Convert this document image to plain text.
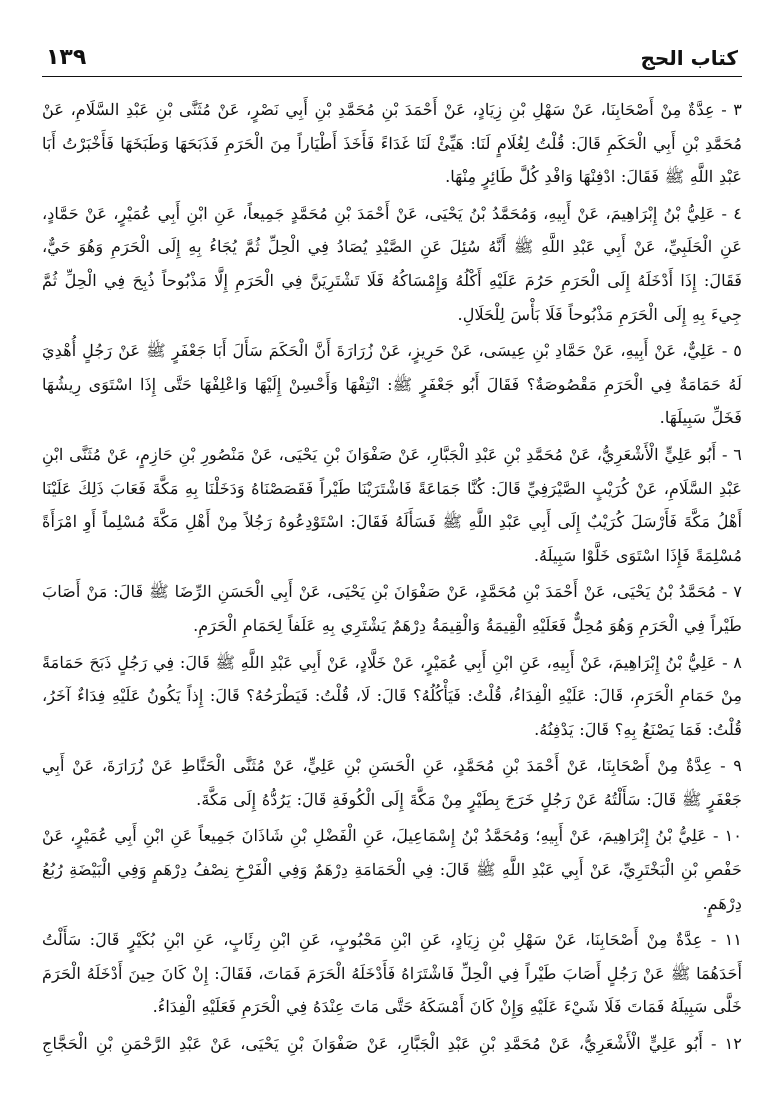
كتاب الحج
١٣٩

٣ - عِدَّةٌ مِنْ أَصْحَابِنَا، عَنْ سَهْلِ بْنِ زِيَادٍ، عَنْ أَحْمَدَ بْنِ مُحَمَّدِ بْنِ أَبِي نَصْرٍ، عَنْ مُثَنَّى بْنِ عَبْدِ السَّلَامِ، عَنْ مُحَمَّدِ بْنِ أَبِي الْحَكَمِ قَالَ: قُلْتُ لِغُلَامٍ لَنَا: هَيِّئْ لَنَا غَدَاءً فَأَخَذَ أَطْيَاراً مِنَ الْحَرَمِ فَذَبَحَهَا وَطَبَخَهَا فَأَخْبَرْتُ أَبَا عَبْدِ اللَّهِ ﷺ فَقَالَ: ادْفِنْهَا وَافْدِ كُلَّ طَائِرٍ مِنْهَا.

٤ - عَلِيُّ بْنُ إِبْرَاهِيمَ، عَنْ أَبِيهِ، وَمُحَمَّدُ بْنُ يَحْيَى، عَنْ أَحْمَدَ بْنِ مُحَمَّدٍ جَمِيعاً، عَنِ ابْنِ أَبِي عُمَيْرٍ، عَنْ حَمَّادٍ، عَنِ الْحَلَبِيِّ، عَنْ أَبِي عَبْدِ اللَّهِ ﷺ أَنَّهُ سُئِلَ عَنِ الصَّيْدِ يُصَادُ فِي الْحِلِّ ثُمَّ يُجَاءُ بِهِ إِلَى الْحَرَمِ وَهُوَ حَيٌّ، فَقَالَ: إِذَا أَدْخَلَهُ إِلَى الْحَرَمِ حَرُمَ عَلَيْهِ أَكْلُهُ وَإِمْسَاكُهُ فَلَا تَشْتَرِيَنَّ فِي الْحَرَمِ إِلَّا مَذْبُوحاً ذُبِحَ فِي الْحِلِّ ثُمَّ جِيءَ بِهِ إِلَى الْحَرَمِ مَذْبُوحاً فَلَا بَأْسَ لِلْحَلَالِ.

٥ - عَلِيٌّ، عَنْ أَبِيهِ، عَنْ حَمَّادِ بْنِ عِيسَى، عَنْ حَرِيزٍ، عَنْ زُرَارَةَ أَنَّ الْحَكَمَ سَأَلَ أَبَا جَعْفَرٍ ﷺ عَنْ رَجُلٍ أُهْدِيَ لَهُ حَمَامَةٌ فِي الْحَرَمِ مَقْصُوصَةٌ؟ فَقَالَ أَبُو جَعْفَرٍ ﷺ: انْتِفْهَا وَأَحْسِنْ إِلَيْهَا وَاعْلِفْهَا حَتَّى إِذَا اسْتَوَى رِيشُهَا فَخَلِّ سَبِيلَهَا.

٦ - أَبُو عَلِيٍّ الْأَشْعَرِيُّ، عَنْ مُحَمَّدِ بْنِ عَبْدِ الْجَبَّارِ، عَنْ صَفْوَانَ بْنِ يَحْيَى، عَنْ مَنْصُورِ بْنِ حَازِمٍ، عَنْ مُثَنَّى ابْنِ عَبْدِ السَّلَامِ، عَنْ كُرَيْبٍ الصَّيْرَفِيِّ قَالَ: كُنَّا جَمَاعَةً فَاشْتَرَيْنَا طَيْراً فَقَصَصْنَاهُ وَدَخَلْنَا بِهِ مَكَّةَ فَعَابَ ذَلِكَ عَلَيْنَا أَهْلُ مَكَّةَ فَأَرْسَلَ كُرَيْبٌ إِلَى أَبِي عَبْدِ اللَّهِ ﷺ فَسَأَلَهُ فَقَالَ: اسْتَوْدِعُوهُ رَجُلاً مِنْ أَهْلِ مَكَّةَ مُسْلِماً أَوِ امْرَأَةً مُسْلِمَةً فَإِذَا اسْتَوَى خَلَّوْا سَبِيلَهُ.

٧ - مُحَمَّدُ بْنُ يَحْيَى، عَنْ أَحْمَدَ بْنِ مُحَمَّدٍ، عَنْ صَفْوَانَ بْنِ يَحْيَى، عَنْ أَبِي الْحَسَنِ الرِّضَا ﷺ قَالَ: مَنْ أَصَابَ طَيْراً فِي الْحَرَمِ وَهُوَ مُحِلٌّ فَعَلَيْهِ الْقِيمَةُ وَالْقِيمَةُ دِرْهَمٌ يَشْتَرِي بِهِ عَلَفاً لِحَمَامِ الْحَرَمِ.

٨ - عَلِيُّ بْنُ إِبْرَاهِيمَ، عَنْ أَبِيهِ، عَنِ ابْنِ أَبِي عُمَيْرٍ، عَنْ خَلَّادٍ، عَنْ أَبِي عَبْدِ اللَّهِ ﷺ قَالَ: فِي رَجُلٍ ذَبَحَ حَمَامَةً مِنْ حَمَامِ الْحَرَمِ، قَالَ: عَلَيْهِ الْفِدَاءُ، قُلْتُ: فَيَأْكُلُهُ؟ قَالَ: لَا، قُلْتُ: فَيَطْرَحُهُ؟ قَالَ: إِذاً يَكُونُ عَلَيْهِ فِدَاءٌ آخَرُ، قُلْتُ: فَمَا يَصْنَعُ بِهِ؟ قَالَ: يَدْفِنُهُ.

٩ - عِدَّةٌ مِنْ أَصْحَابِنَا، عَنْ أَحْمَدَ بْنِ مُحَمَّدٍ، عَنِ الْحَسَنِ بْنِ عَلِيٍّ، عَنْ مُثَنَّى الْحَنَّاطِ عَنْ زُرَارَةَ، عَنْ أَبِي جَعْفَرٍ ﷺ قَالَ: سَأَلْتُهُ عَنْ رَجُلٍ خَرَجَ بِطَيْرٍ مِنْ مَكَّةَ إِلَى الْكُوفَةِ قَالَ: يَرُدُّهُ إِلَى مَكَّةَ.

١٠ - عَلِيُّ بْنُ إِبْرَاهِيمَ، عَنْ أَبِيهِ؛ وَمُحَمَّدُ بْنُ إِسْمَاعِيلَ، عَنِ الْفَضْلِ بْنِ شَاذَانَ جَمِيعاً عَنِ ابْنِ أَبِي عُمَيْرٍ، عَنْ حَفْصِ بْنِ الْبَخْتَرِيِّ، عَنْ أَبِي عَبْدِ اللَّهِ ﷺ قَالَ: فِي الْحَمَامَةِ دِرْهَمٌ وَفِي الْفَرْخِ نِصْفُ دِرْهَمٍ وَفِي الْبَيْضَةِ رُبُعُ دِرْهَمٍ.

١١ - عِدَّةٌ مِنْ أَصْحَابِنَا، عَنْ سَهْلِ بْنِ زِيَادٍ، عَنِ ابْنِ مَحْبُوبٍ، عَنِ ابْنِ رِئَابٍ، عَنِ ابْنِ بُكَيْرٍ قَالَ: سَأَلْتُ أَحَدَهُمَا ﷺ عَنْ رَجُلٍ أَصَابَ طَيْراً فِي الْحِلِّ فَاشْتَرَاهُ فَأَدْخَلَهُ الْحَرَمَ فَمَاتَ، فَقَالَ: إِنْ كَانَ حِينَ أَدْخَلَهُ الْحَرَمَ خَلَّى سَبِيلَهُ فَمَاتَ فَلَا شَيْءَ عَلَيْهِ وَإِنْ كَانَ أَمْسَكَهُ حَتَّى مَاتَ عِنْدَهُ فِي الْحَرَمِ فَعَلَيْهِ الْفِدَاءُ.

١٢ - أَبُو عَلِيٍّ الْأَشْعَرِيُّ، عَنْ مُحَمَّدِ بْنِ عَبْدِ الْجَبَّارِ، عَنْ صَفْوَانَ بْنِ يَحْيَى، عَنْ عَبْدِ الرَّحْمَنِ بْنِ الْحَجَّاجِ
